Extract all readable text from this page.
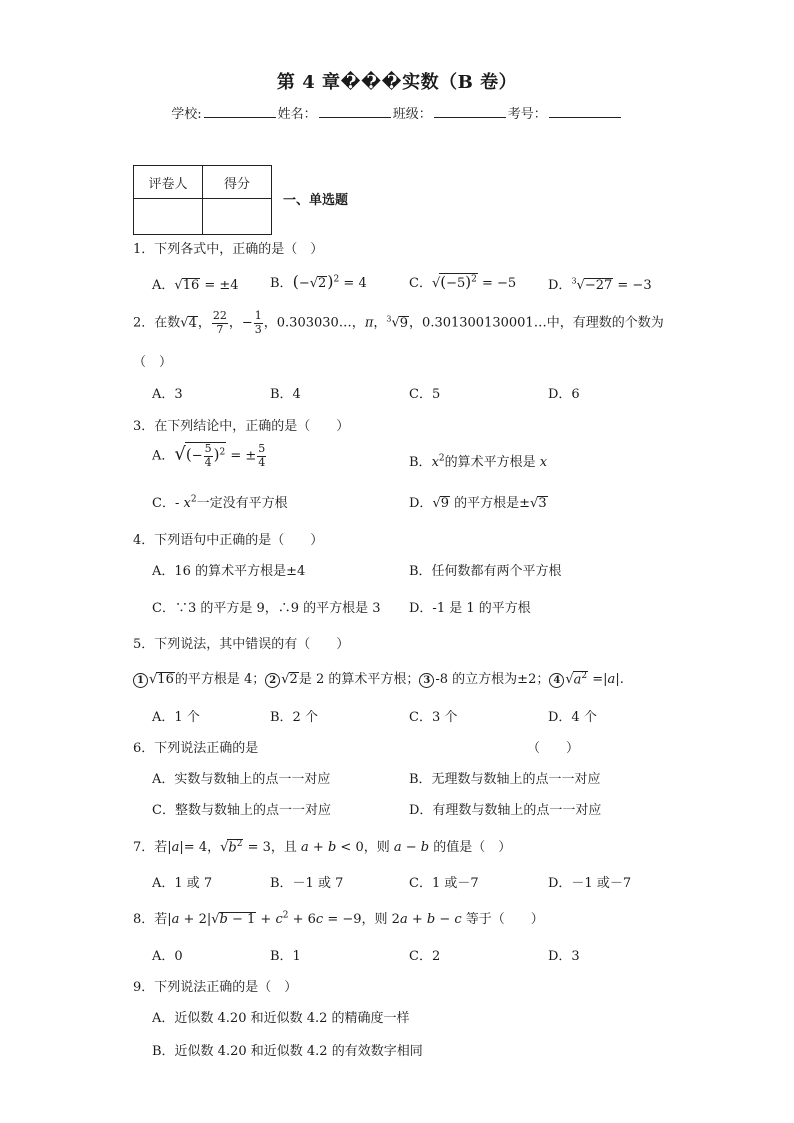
第 4 章���实数（B 卷）
学校:	姓名：	班级：	考号：
评卷人	得分

一、单选题
1．下列各式中，正确的是（　）
A．√16 = ±4 B．$(-√2)^2 = 4$	C．$√(-5)^2 = -5$ D．$^3$√−27 = −3
2．在数√4， $\frac{22}{7}$ ，− $\frac{1}{3}$ ，0.303030…，π，$^3$√9，0.301300130001…中，有理数的个数为
（　）
A．3	B．4	C．5	D．6
3．在下列结论中，正确的是（　　）
A．√(− $\frac{5}{4} )^2$ = ± $\frac{5}{4}$	B．$x^2$的算术平方根是 x
C．- $x^2$一定没有平方根	D．√9 的平方根是±√3
4．下列语句中正确的是（　　）
A．16 的算术平方根是±4	B．任何数都有两个平方根
C．∵3 的平方是 9，∴9 的平方根是 3 D．-1 是 1 的平方根
5．下列说法，其中错误的有（　　）
1 √16的平方根是 4； 2 √2是 2 的算术平方根； 3 -8 的立方根为±2； 4 $√a^2 =|a|$.
A．1 个	B．2 个	C．3 个	D．4 个
6．下列说法正确的是	（　　）
A．实数与数轴上的点一一对应	B．无理数与数轴上的点一一对应
C．整数与数轴上的点一一对应	D．有理数与数轴上的点一一对应
7．若|a|= 4，$√b^2 = 3$，且 a + b < 0，则 a − b 的值是（　）
A．1 或 7	B．－1 或 7	C．1 或－7	D．－1 或－7
8．若$|a + 2|√b - 1 + c^2 + 6c = -9$，则 2a + b − c 等于（　　）
A．0	B．1	C．2	D．3
9．下列说法正确的是（　）
A．近似数 4.20 和近似数 4.2 的精确度一样
B．近似数 4.20 和近似数 4.2 的有效数字相同
